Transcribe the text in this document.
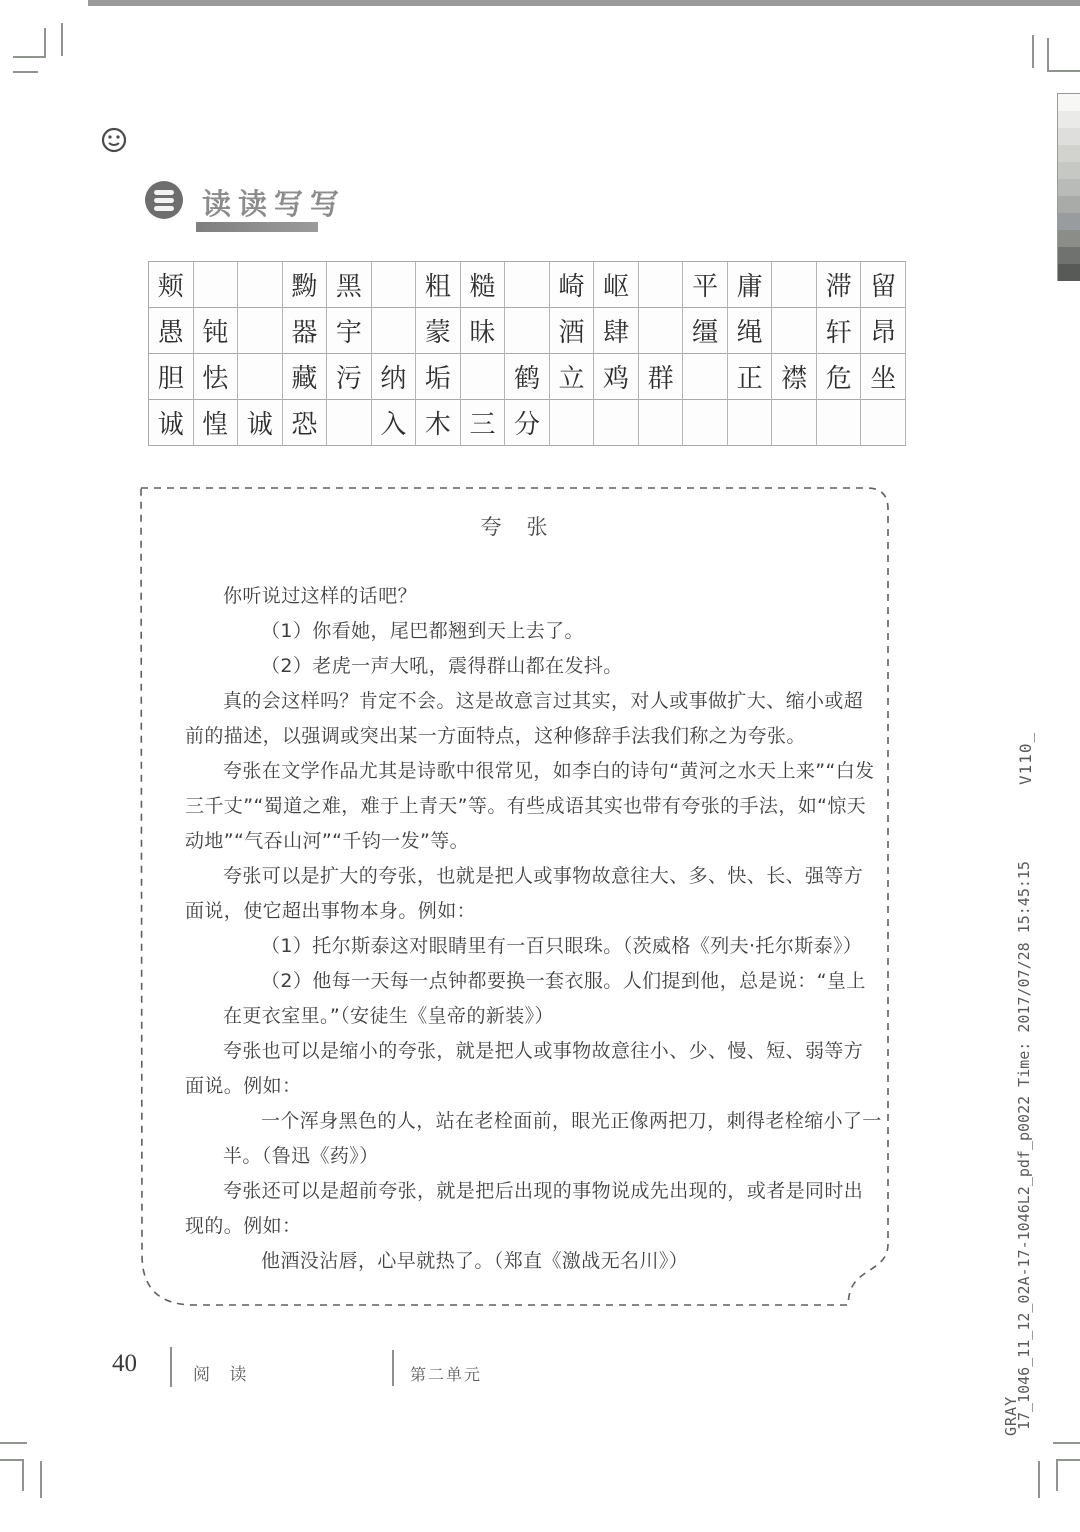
读读写写
颊	黝 黑	粗 糙	崎 岖	平 庸	滞 留
愚 钝	器 宇	蒙 昧	酒 肆	缰 绳	轩 昂
胆 怯	藏 污 纳 垢	鹤 立 鸡 群	正 襟 危 坐
诚 惶 诚 恐	入 木 三 分
夸　张

你听说过这样的话吧？

（1）你看她，尾巴都翘到天上去了。

（2）老虎一声大吼，震得群山都在发抖。

真的会这样吗？肯定不会。这是故意言过其实，对人或事做扩大、缩小或超前的描述，以强调或突出某一方面特点，这种修辞手法我们称之为夸张。

夸张在文学作品尤其是诗歌中很常见，如李白的诗句“黄河之水天上来”“白发三千丈”“蜀道之难，难于上青天”等。有些成语其实也带有夸张的手法，如“惊天动地”“气吞山河”“千钧一发”等。

夸张可以是扩大的夸张，也就是把人或事物故意往大、多、快、长、强等方面说，使它超出事物本身。例如：

（1）托尔斯泰这对眼睛里有一百只眼珠。（茨威格《列夫·托尔斯泰》）

（2）他每一天每一点钟都要换一套衣服。人们提到他，总是说：“皇上在更衣室里。”（安徒生《皇帝的新装》）

夸张也可以是缩小的夸张，就是把人或事物故意往小、少、慢、短、弱等方面说。例如：

一个浑身黑色的人，站在老栓面前，眼光正像两把刀，刺得老栓缩小了一半。（鲁迅《药》）

夸张还可以是超前夸张，就是把后出现的事物说成先出现的，或者是同时出现的。例如：

他酒没沾唇，心早就热了。（郑直《激战无名川》）

V110_
17_1046_11_12_02A-17-1046L2_pdf_p0022 Time: 2017/07/28 15:45:15
GRAY
40	阅 读	第二单元
